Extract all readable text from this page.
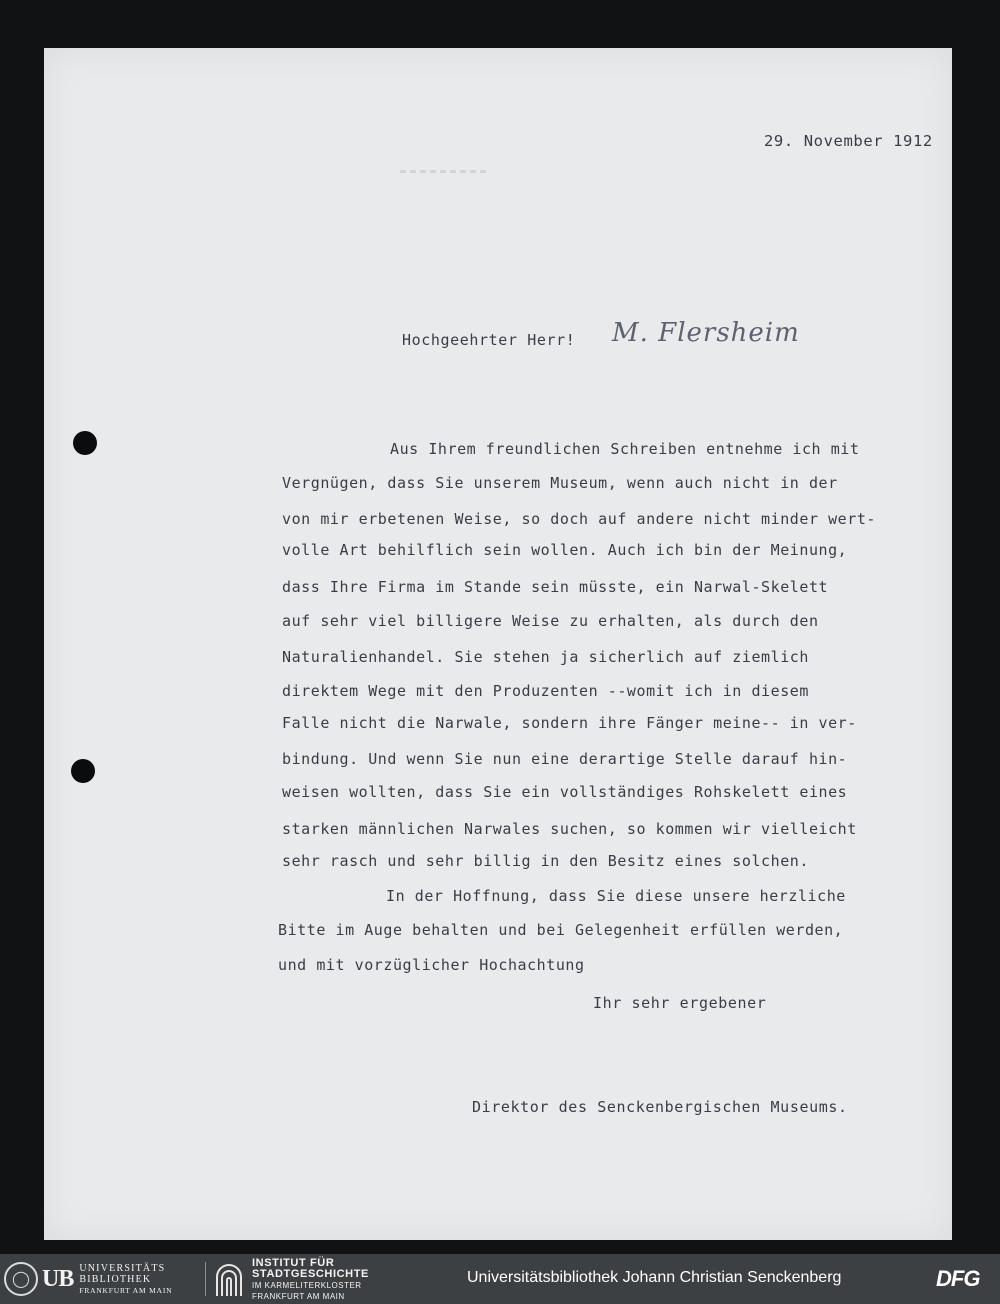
29. November 1912
Hochgeehrter Herr! M. Flersheim
Aus Ihrem freundlichen Schreiben entnehme ich mit
Vergnügen, dass Sie unserem Museum, wenn auch nicht in der
von mir erbetenen Weise, so doch auf andere nicht minder wert-
volle Art behilflich sein wollen. Auch ich bin der Meinung,
dass Ihre Firma im Stande sein müsste, ein Narwal-Skelett
auf sehr viel billigere Weise zu erhalten, als durch den
Naturalienhandel. Sie stehen ja sicherlich auf ziemlich
direktem Wege mit den Produzenten --womit ich in diesem
Falle nicht die Narwale, sondern ihre Fänger meine-- in ver-
bindung. Und wenn Sie nun eine derartige Stelle darauf hin-
weisen wollten, dass Sie ein vollständiges Rohskelett eines
starken männlichen Narwales suchen, so kommen wir vielleicht
sehr rasch und sehr billig in den Besitz eines solchen.
In der Hoffnung, dass Sie diese unsere herzliche
Bitte im Auge behalten und bei Gelegenheit erfüllen werden,
und mit vorzüglicher Hochachtung
Ihr sehr ergebener
Direktor des Senckenbergischen Museums.
◯ UB UNIVERSITÄTS
BIBLIOTHEK
FRANKFURT AM MAIN
INSTITUT FÜR
STADTGESCHICHTE
IM KARMELITERKLOSTER
FRANKFURT AM MAIN
Universitätsbibliothek Johann Christian Senckenberg	DFG
